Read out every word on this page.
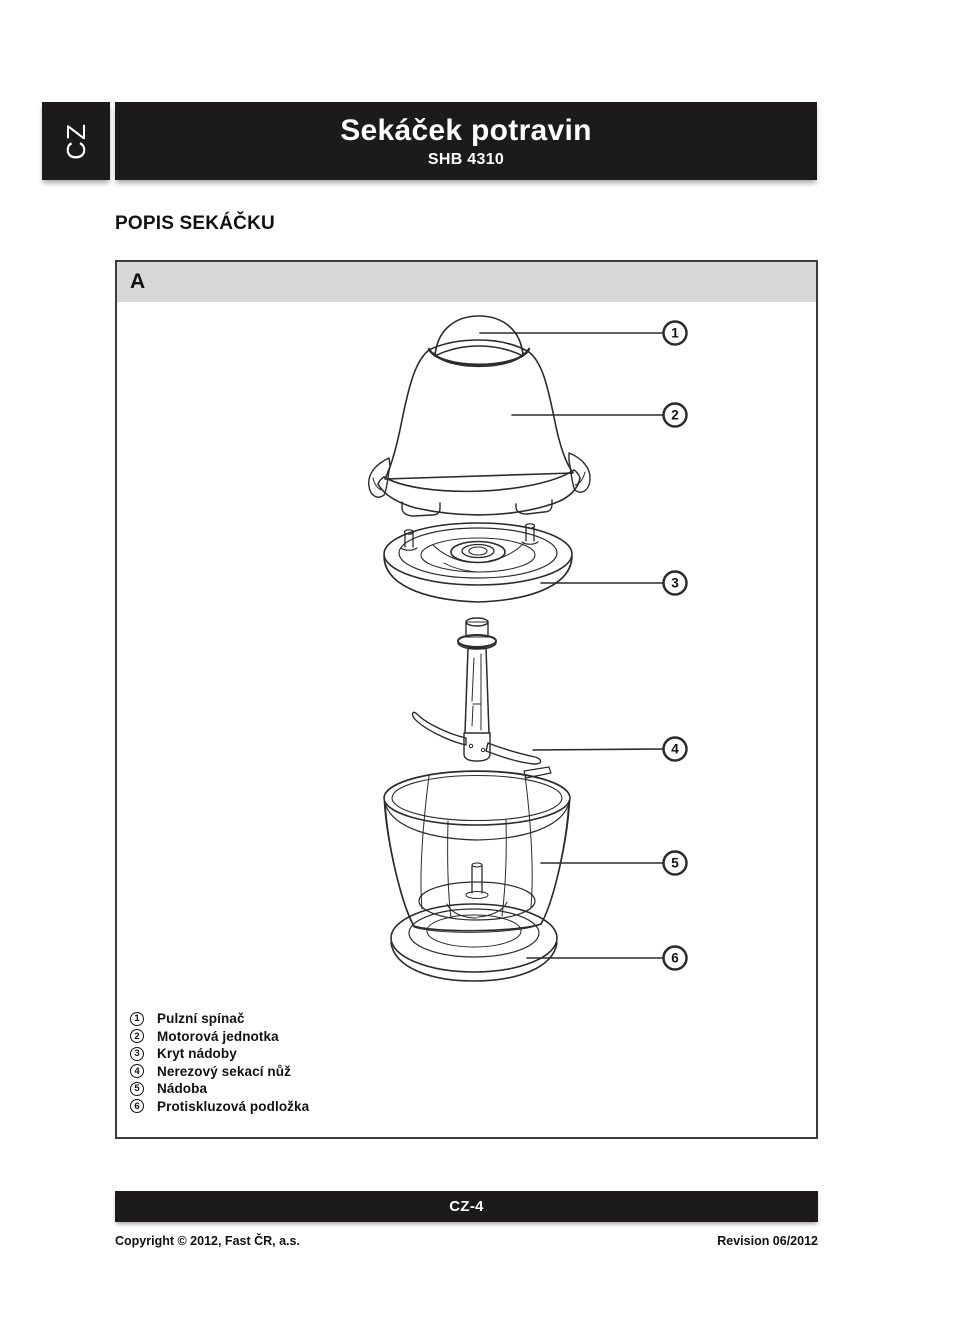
CZ	Sekáček potravin
SHB 4310
POPIS SEKÁČKU
A
1
2
3
4
5
6
1	Pulzní spínač
2	Motorová jednotka
3	Kryt nádoby
4	Nerezový sekací nůž
5	Nádoba
6	Protiskluzová podložka
CZ-4
Copyright © 2012, Fast ČR, a.s.	Revision 06/2012
